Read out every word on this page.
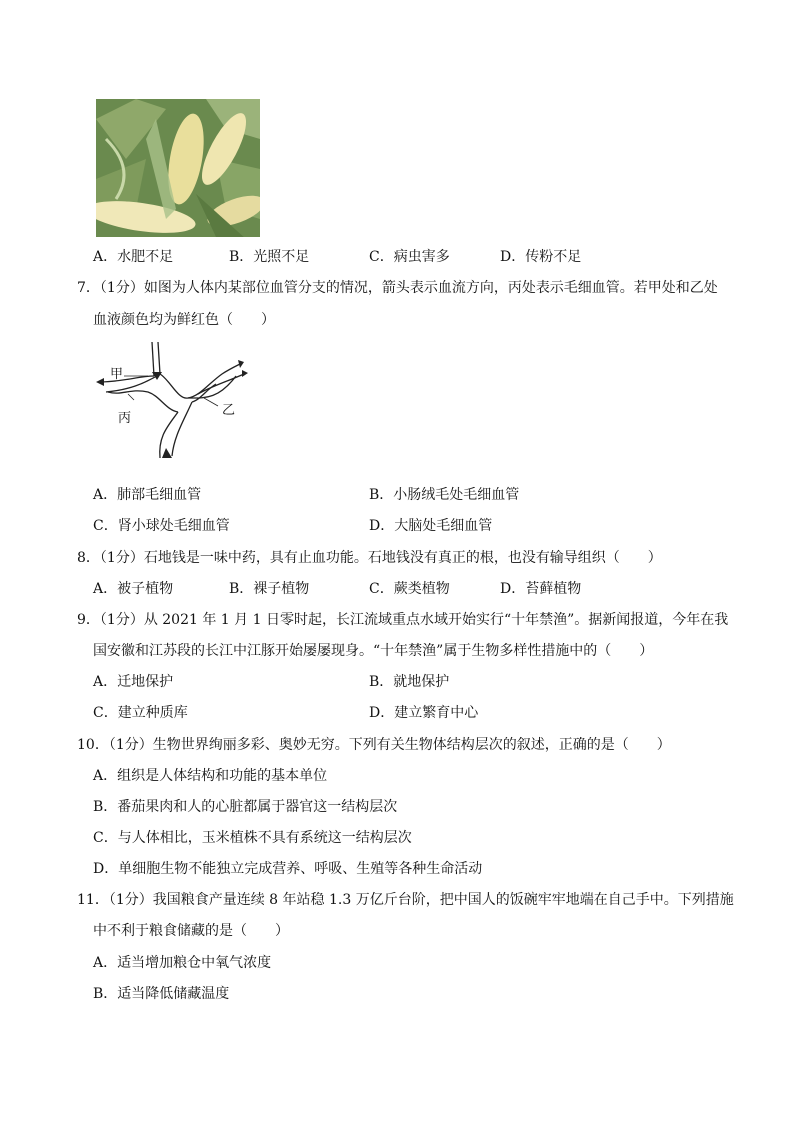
A．水肥不足	B．光照不足	C．病虫害多	D．传粉不足
7．（1分）如图为人体内某部位血管分支的情况，箭头表示血流方向，丙处表示毛细血管。若甲处和乙处
血液颜色均为鲜红色（　　）
甲
丙
乙
A．肺部毛细血管	B．小肠绒毛处毛细血管
C．肾小球处毛细血管	D．大脑处毛细血管
8．（1分）石地钱是一味中药，具有止血功能。石地钱没有真正的根，也没有输导组织（　　）
A．被子植物	B．裸子植物	C．蕨类植物	D．苔藓植物
9．（1分）从 2021 年 1 月 1 日零时起，长江流域重点水域开始实行“十年禁渔”。据新闻报道，今年在我
国安徽和江苏段的长江中江豚开始屡屡现身。“十年禁渔”属于生物多样性措施中的（　　）
A．迁地保护	B．就地保护
C．建立种质库	D．建立繁育中心
10．（1分）生物世界绚丽多彩、奥妙无穷。下列有关生物体结构层次的叙述，正确的是（　　）
A．组织是人体结构和功能的基本单位
B．番茄果肉和人的心脏都属于器官这一结构层次
C．与人体相比，玉米植株不具有系统这一结构层次
D．单细胞生物不能独立完成营养、呼吸、生殖等各种生命活动
11．（1分）我国粮食产量连续 8 年站稳 1.3 万亿斤台阶，把中国人的饭碗牢牢地端在自己手中。下列措施
中不利于粮食储藏的是（　　）
A．适当增加粮仓中氧气浓度
B．适当降低储藏温度
